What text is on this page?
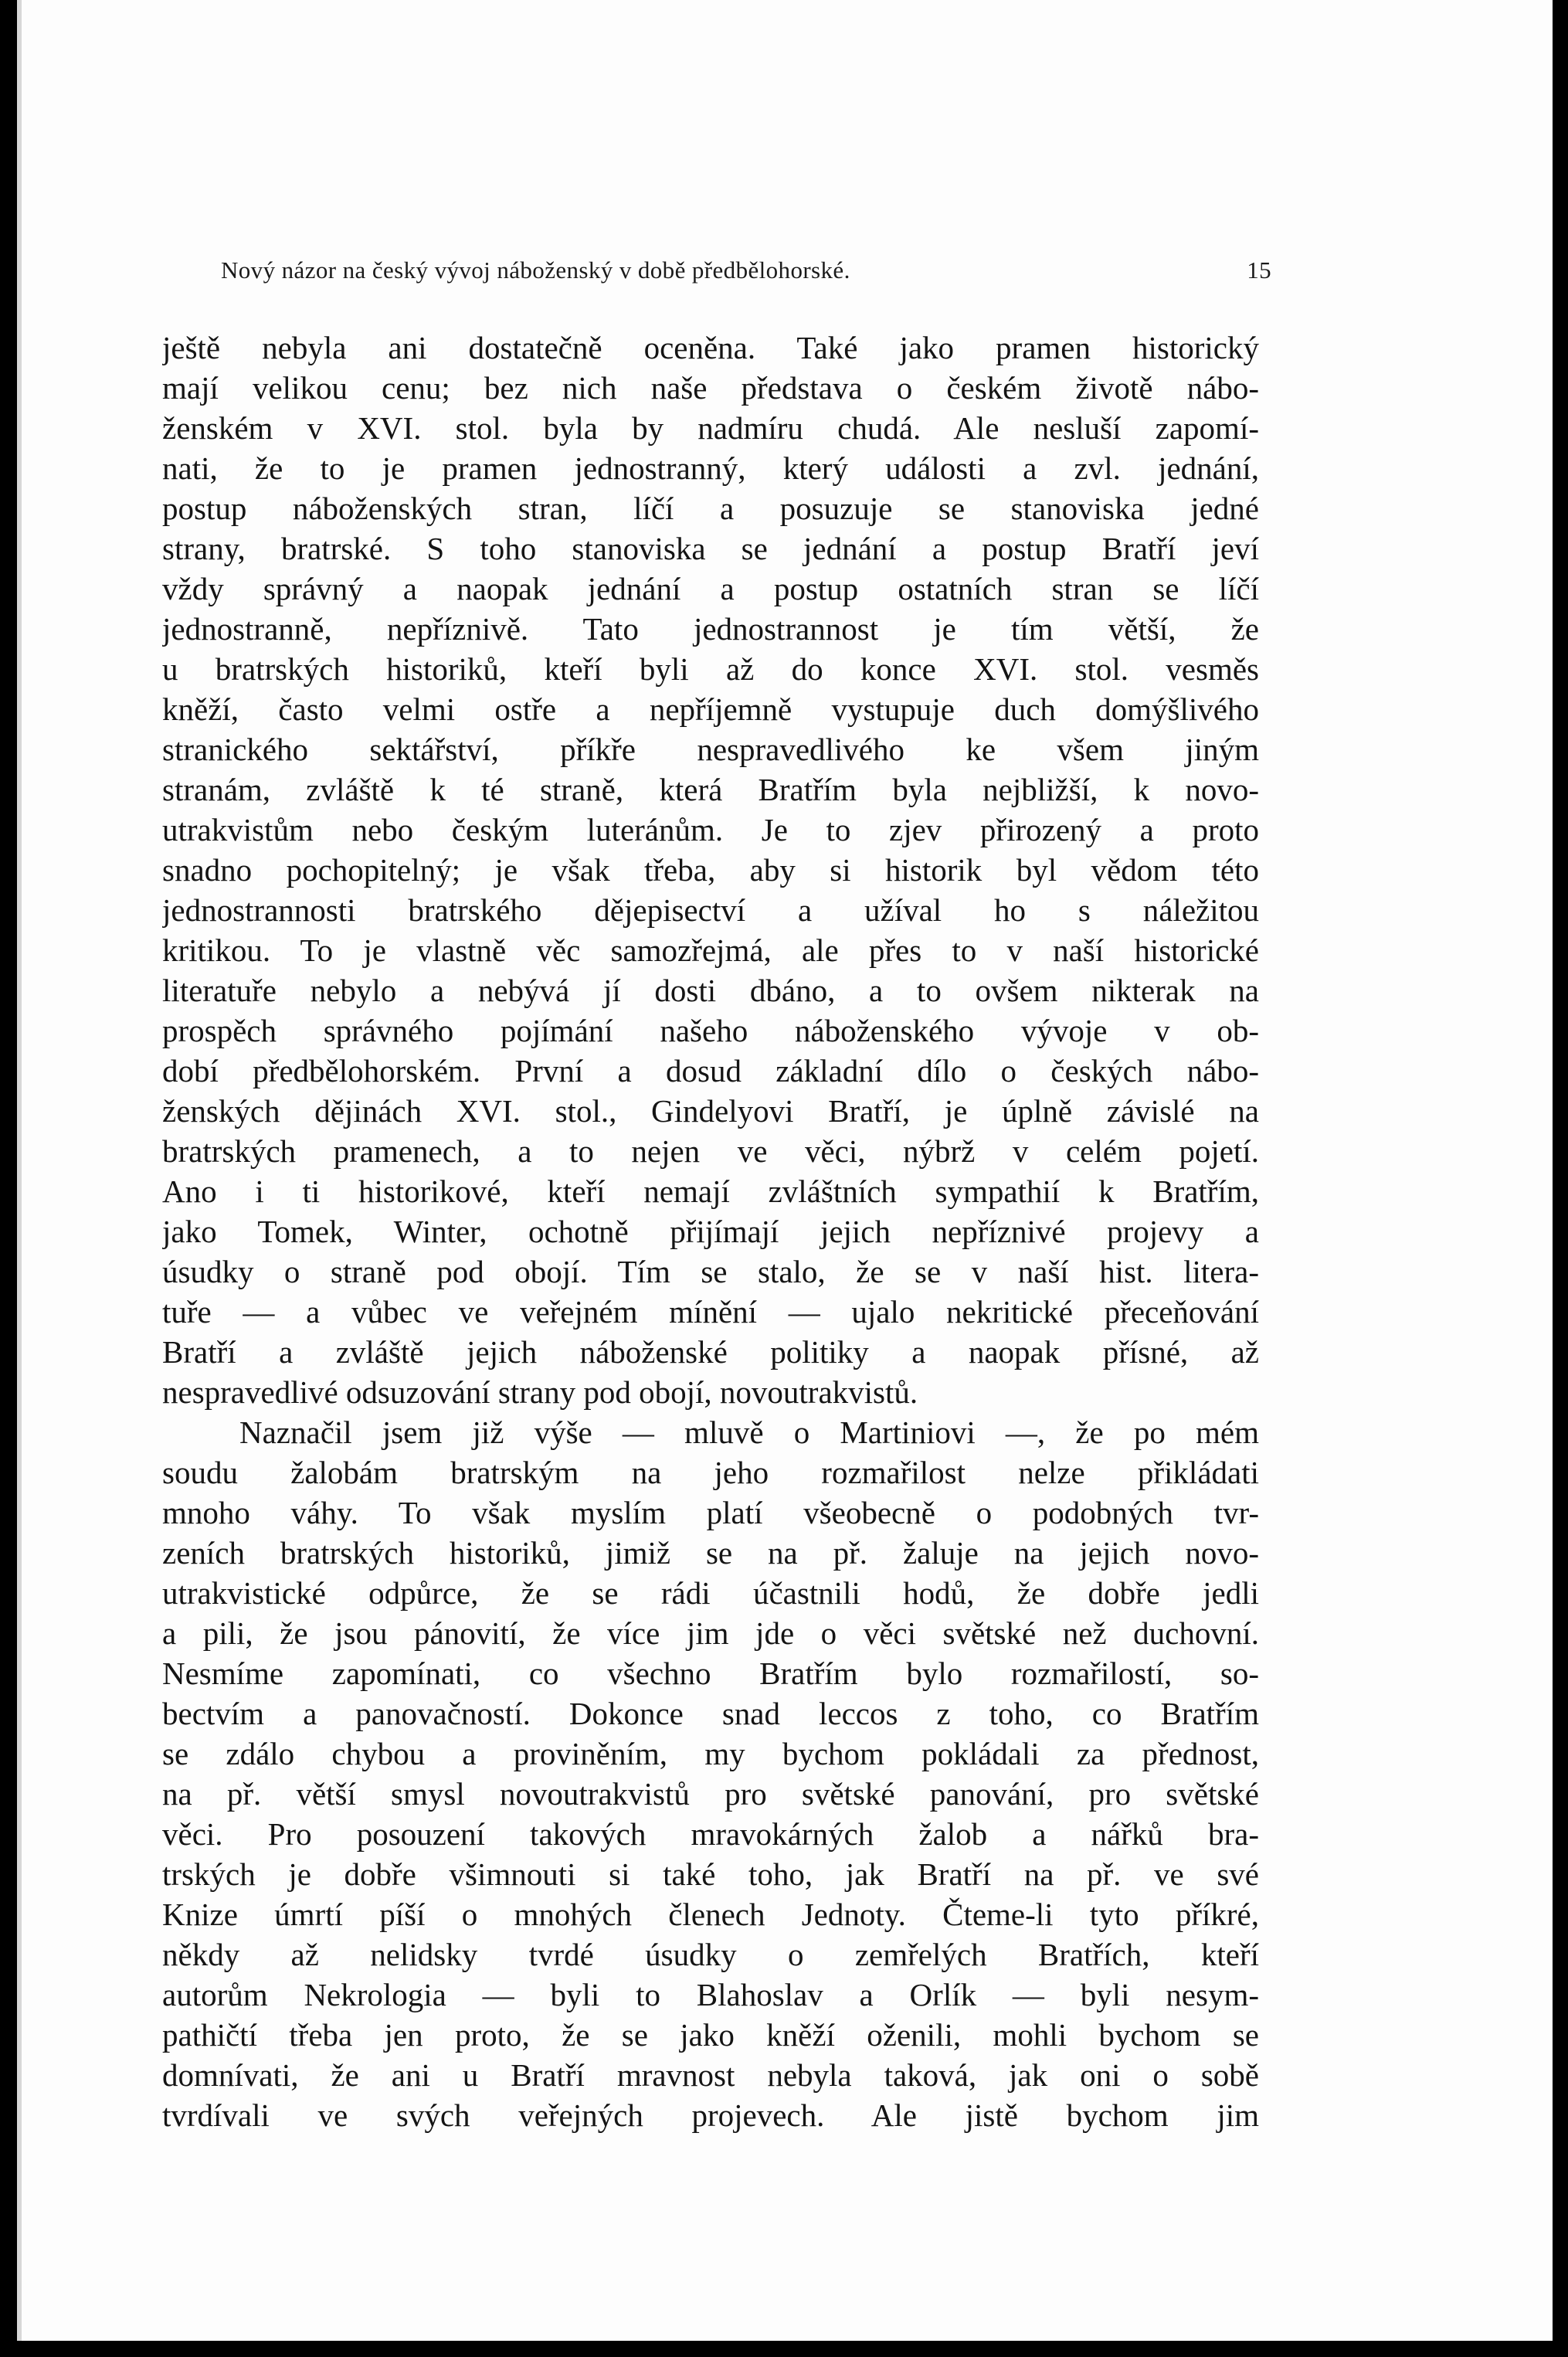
Nový názor na český vývoj náboženský v době předbělohorské.	15
ještě nebyla ani dostatečně oceněna. Také jako pramen historický
mají velikou cenu; bez nich naše představa o českém životě nábo-
ženském v XVI. stol. byla by nadmíru chudá. Ale nesluší zapomí-
nati, že to je pramen jednostranný, který události a zvl. jednání,
postup náboženských stran, líčí a posuzuje se stanoviska jedné
strany, bratrské. S toho stanoviska se jednání a postup Bratří jeví
vždy správný a naopak jednání a postup ostatních stran se líčí
jednostranně, nepříznivě. Tato jednostrannost je tím větší, že
u bratrských historiků, kteří byli až do konce XVI. stol. vesměs
kněží, často velmi ostře a nepříjemně vystupuje duch domýšlivého
stranického sektářství, příkře nespravedlivého ke všem jiným
stranám, zvláště k té straně, která Bratřím byla nejbližší, k novo-
utrakvistům nebo českým luteránům. Je to zjev přirozený a proto
snadno pochopitelný; je však třeba, aby si historik byl vědom této
jednostrannosti bratrského dějepisectví a užíval ho s náležitou
kritikou. To je vlastně věc samozřejmá, ale přes to v naší historické
literatuře nebylo a nebývá jí dosti dbáno, a to ovšem nikterak na
prospěch správného pojímání našeho náboženského vývoje v ob-
dobí předbělohorském. První a dosud základní dílo o českých nábo-
ženských dějinách XVI. stol., Gindelyovi Bratří, je úplně závislé na
bratrských pramenech, a to nejen ve věci, nýbrž v celém pojetí.
Ano i ti historikové, kteří nemají zvláštních sympathií k Bratřím,
jako Tomek, Winter, ochotně přijímají jejich nepříznivé projevy a
úsudky o straně pod obojí. Tím se stalo, že se v naší hist. litera-
tuře — a vůbec ve veřejném mínění — ujalo nekritické přeceňování
Bratří a zvláště jejich náboženské politiky a naopak přísné, až
nespravedlivé odsuzování strany pod obojí, novoutrakvistů.
Naznačil jsem již výše — mluvě o Martiniovi —, že po mém
soudu žalobám bratrským na jeho rozmařilost nelze přikládati
mnoho váhy. To však myslím platí všeobecně o podobných tvr-
zeních bratrských historiků, jimiž se na př. žaluje na jejich novo-
utrakvistické odpůrce, že se rádi účastnili hodů, že dobře jedli
a pili, že jsou pánovití, že více jim jde o věci světské než duchovní.
Nesmíme zapomínati, co všechno Bratřím bylo rozmařilostí, so-
bectvím a panovačností. Dokonce snad leccos z toho, co Bratřím
se zdálo chybou a proviněním, my bychom pokládali za přednost,
na př. větší smysl novoutrakvistů pro světské panování, pro světské
věci. Pro posouzení takových mravokárných žalob a nářků bra-
trských je dobře všimnouti si také toho, jak Bratří na př. ve své
Knize úmrtí píší o mnohých členech Jednoty. Čteme-li tyto příkré,
někdy až nelidsky tvrdé úsudky o zemřelých Bratřích, kteří
autorům Nekrologia — byli to Blahoslav a Orlík — byli nesym-
pathičtí třeba jen proto, že se jako kněží oženili, mohli bychom se
domnívati, že ani u Bratří mravnost nebyla taková, jak oni o sobě
tvrdívali ve svých veřejných projevech. Ale jistě bychom jim
